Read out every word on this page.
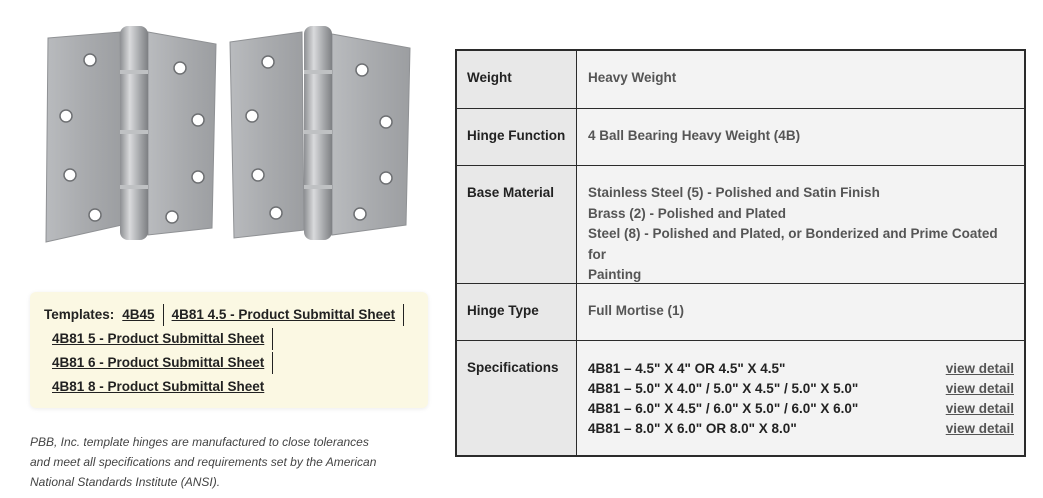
Templates: 4B45 4B81 4.5 - Product Submittal Sheet
4B81 5 - Product Submittal Sheet
4B81 6 - Product Submittal Sheet
4B81 8 - Product Submittal Sheet
PBB, Inc. template hinges are manufactured to close tolerances and meet all specifications and requirements set by the American National Standards Institute (ANSI).
Weight	Heavy Weight
Hinge Function	4 Ball Bearing Heavy Weight (4B)
Base Material	Stainless Steel (5) - Polished and Satin Finish
Brass (2) - Polished and Plated
Steel (8) - Polished and Plated, or Bonderized and Prime Coated for
Painting
Hinge Type	Full Mortise (1)
Specifications	4B81 – 4.5" X 4" OR 4.5" X 4.5"	view detail
4B81 – 5.0" X 4.0" / 5.0" X 4.5" / 5.0" X 5.0"	view detail
4B81 – 6.0" X 4.5" / 6.0" X 5.0" / 6.0" X 6.0"	view detail
4B81 – 8.0" X 6.0" OR 8.0" X 8.0"	view detail
